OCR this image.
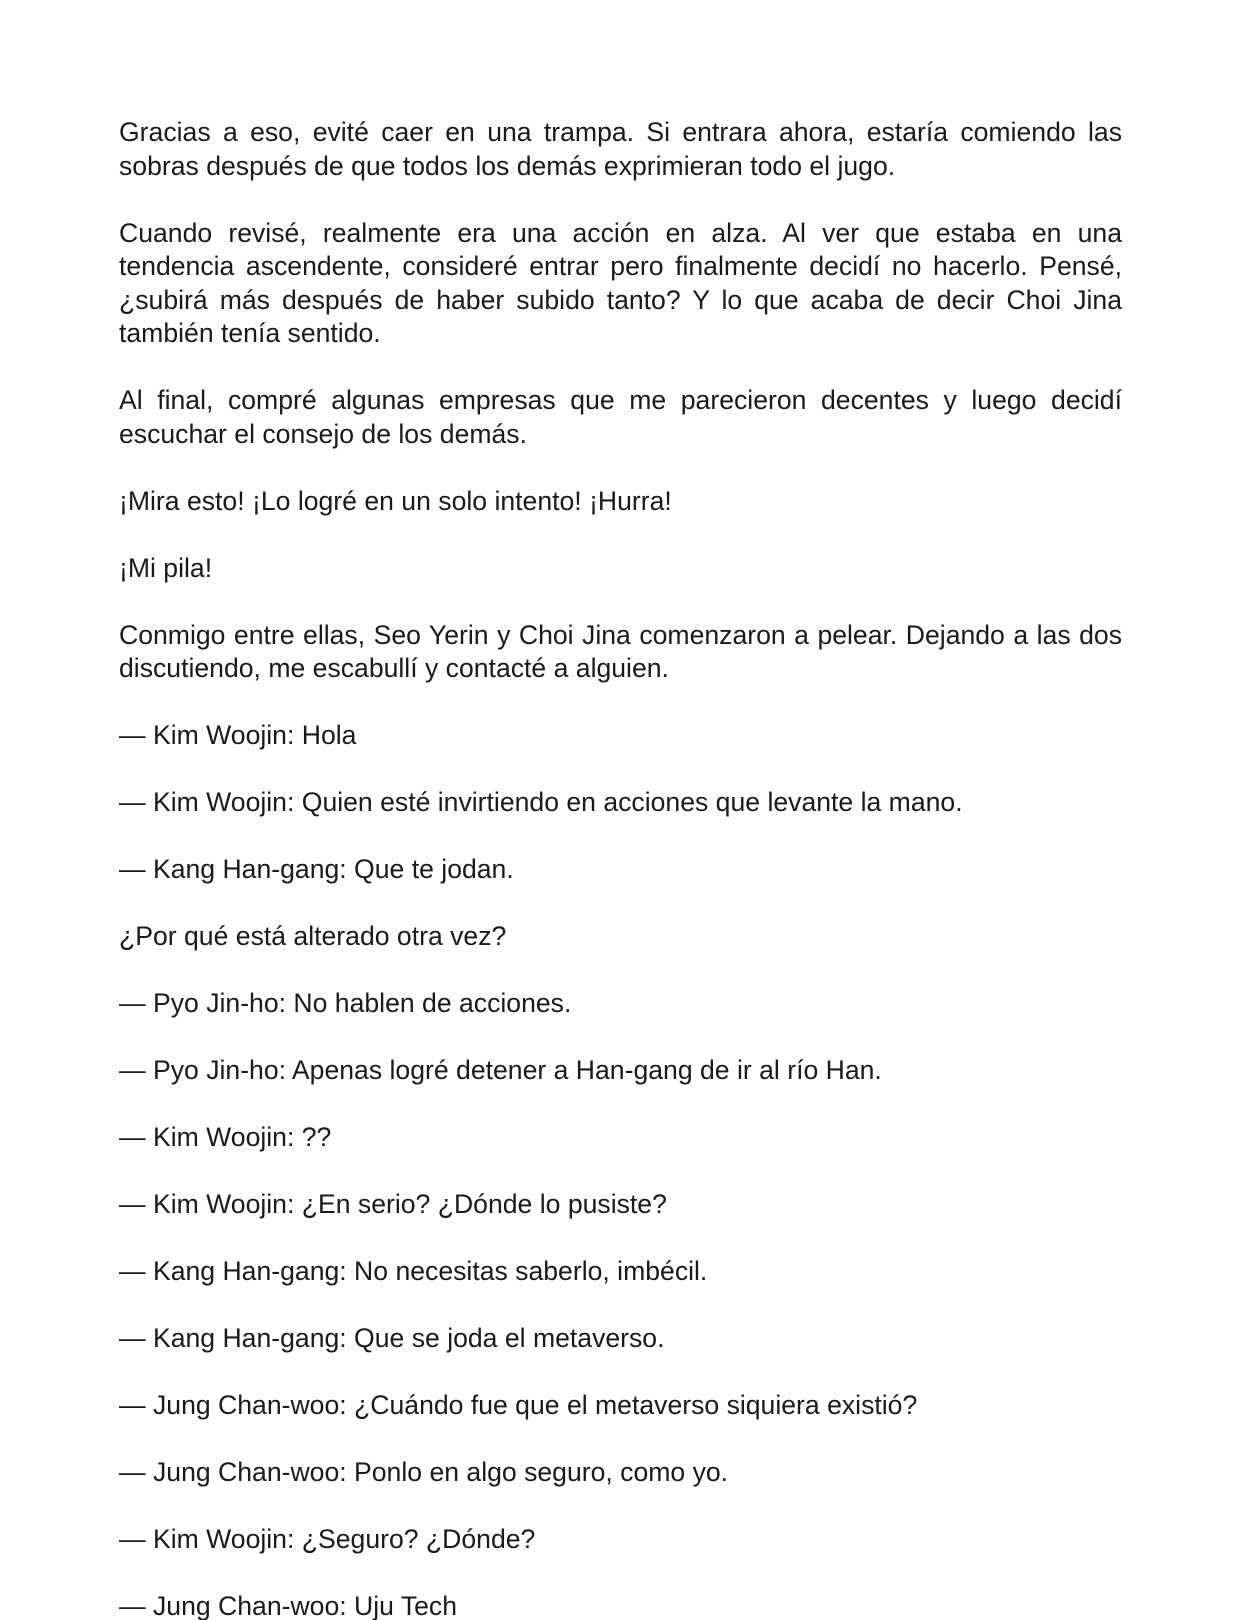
Gracias a eso, evité caer en una trampa. Si entrara ahora, estaría comiendo las sobras después de que todos los demás exprimieran todo el jugo.

Cuando revisé, realmente era una acción en alza. Al ver que estaba en una tendencia ascendente, consideré entrar pero finalmente decidí no hacerlo. Pensé, ¿subirá más después de haber subido tanto? Y lo que acaba de decir Choi Jina también tenía sentido.

Al final, compré algunas empresas que me parecieron decentes y luego decidí escuchar el consejo de los demás.

¡Mira esto! ¡Lo logré en un solo intento! ¡Hurra!

¡Mi pila!

Conmigo entre ellas, Seo Yerin y Choi Jina comenzaron a pelear. Dejando a las dos discutiendo, me escabullí y contacté a alguien.

— Kim Woojin: Hola

— Kim Woojin: Quien esté invirtiendo en acciones que levante la mano.

— Kang Han-gang: Que te jodan.

¿Por qué está alterado otra vez?

— Pyo Jin-ho: No hablen de acciones.

— Pyo Jin-ho: Apenas logré detener a Han-gang de ir al río Han.

— Kim Woojin: ??

— Kim Woojin: ¿En serio? ¿Dónde lo pusiste?

— Kang Han-gang: No necesitas saberlo, imbécil.

— Kang Han-gang: Que se joda el metaverso.

— Jung Chan-woo: ¿Cuándo fue que el metaverso siquiera existió?

— Jung Chan-woo: Ponlo en algo seguro, como yo.

— Kim Woojin: ¿Seguro? ¿Dónde?

— Jung Chan-woo: Uju Tech
